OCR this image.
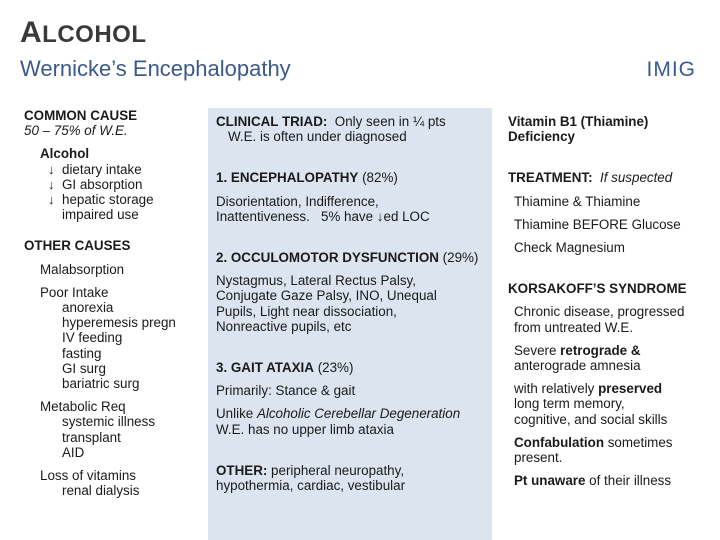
ALCOHOL
Wernicke’s Encephalopathy	IMIG
COMMON CAUSE
50 – 75% of W.E.
Alcohol
↓ dietary intake
↓ GI absorption
↓ hepatic storage
impaired use
OTHER CAUSES
Malabsorption
Poor Intake
anorexia
hyperemesis pregn
IV feeding
fasting
GI surg
bariatric surg
Metabolic Req
systemic illness
transplant
AID
Loss of vitamins
renal dialysis
CLINICAL TRIAD: Only seen in ¼ pts
W.E. is often under diagnosed
1. ENCEPHALOPATHY (82%)
Disorientation, Indifference,
Inattentiveness.   5% have ↓ed LOC
2. OCCULOMOTOR DYSFUNCTION (29%)
Nystagmus, Lateral Rectus Palsy,
Conjugate Gaze Palsy, INO, Unequal
Pupils, Light near dissociation,
Nonreactive pupils, etc
3. GAIT ATAXIA (23%)
Primarily: Stance & gait
Unlike Alcoholic Cerebellar Degeneration
W.E. has no upper limb ataxia
OTHER: peripheral neuropathy,
hypothermia, cardiac, vestibular
Vitamin B1 (Thiamine)
Deficiency
TREATMENT: If suspected
Thiamine & Thiamine
Thiamine BEFORE Glucose
Check Magnesium
KORSAKOFF’S SYNDROME
Chronic disease, progressed
from untreated W.E.
Severe retrograde &
anterograde amnesia
with relatively preserved
long term memory,
cognitive, and social skills
Confabulation sometimes
present.
Pt unaware of their illness
